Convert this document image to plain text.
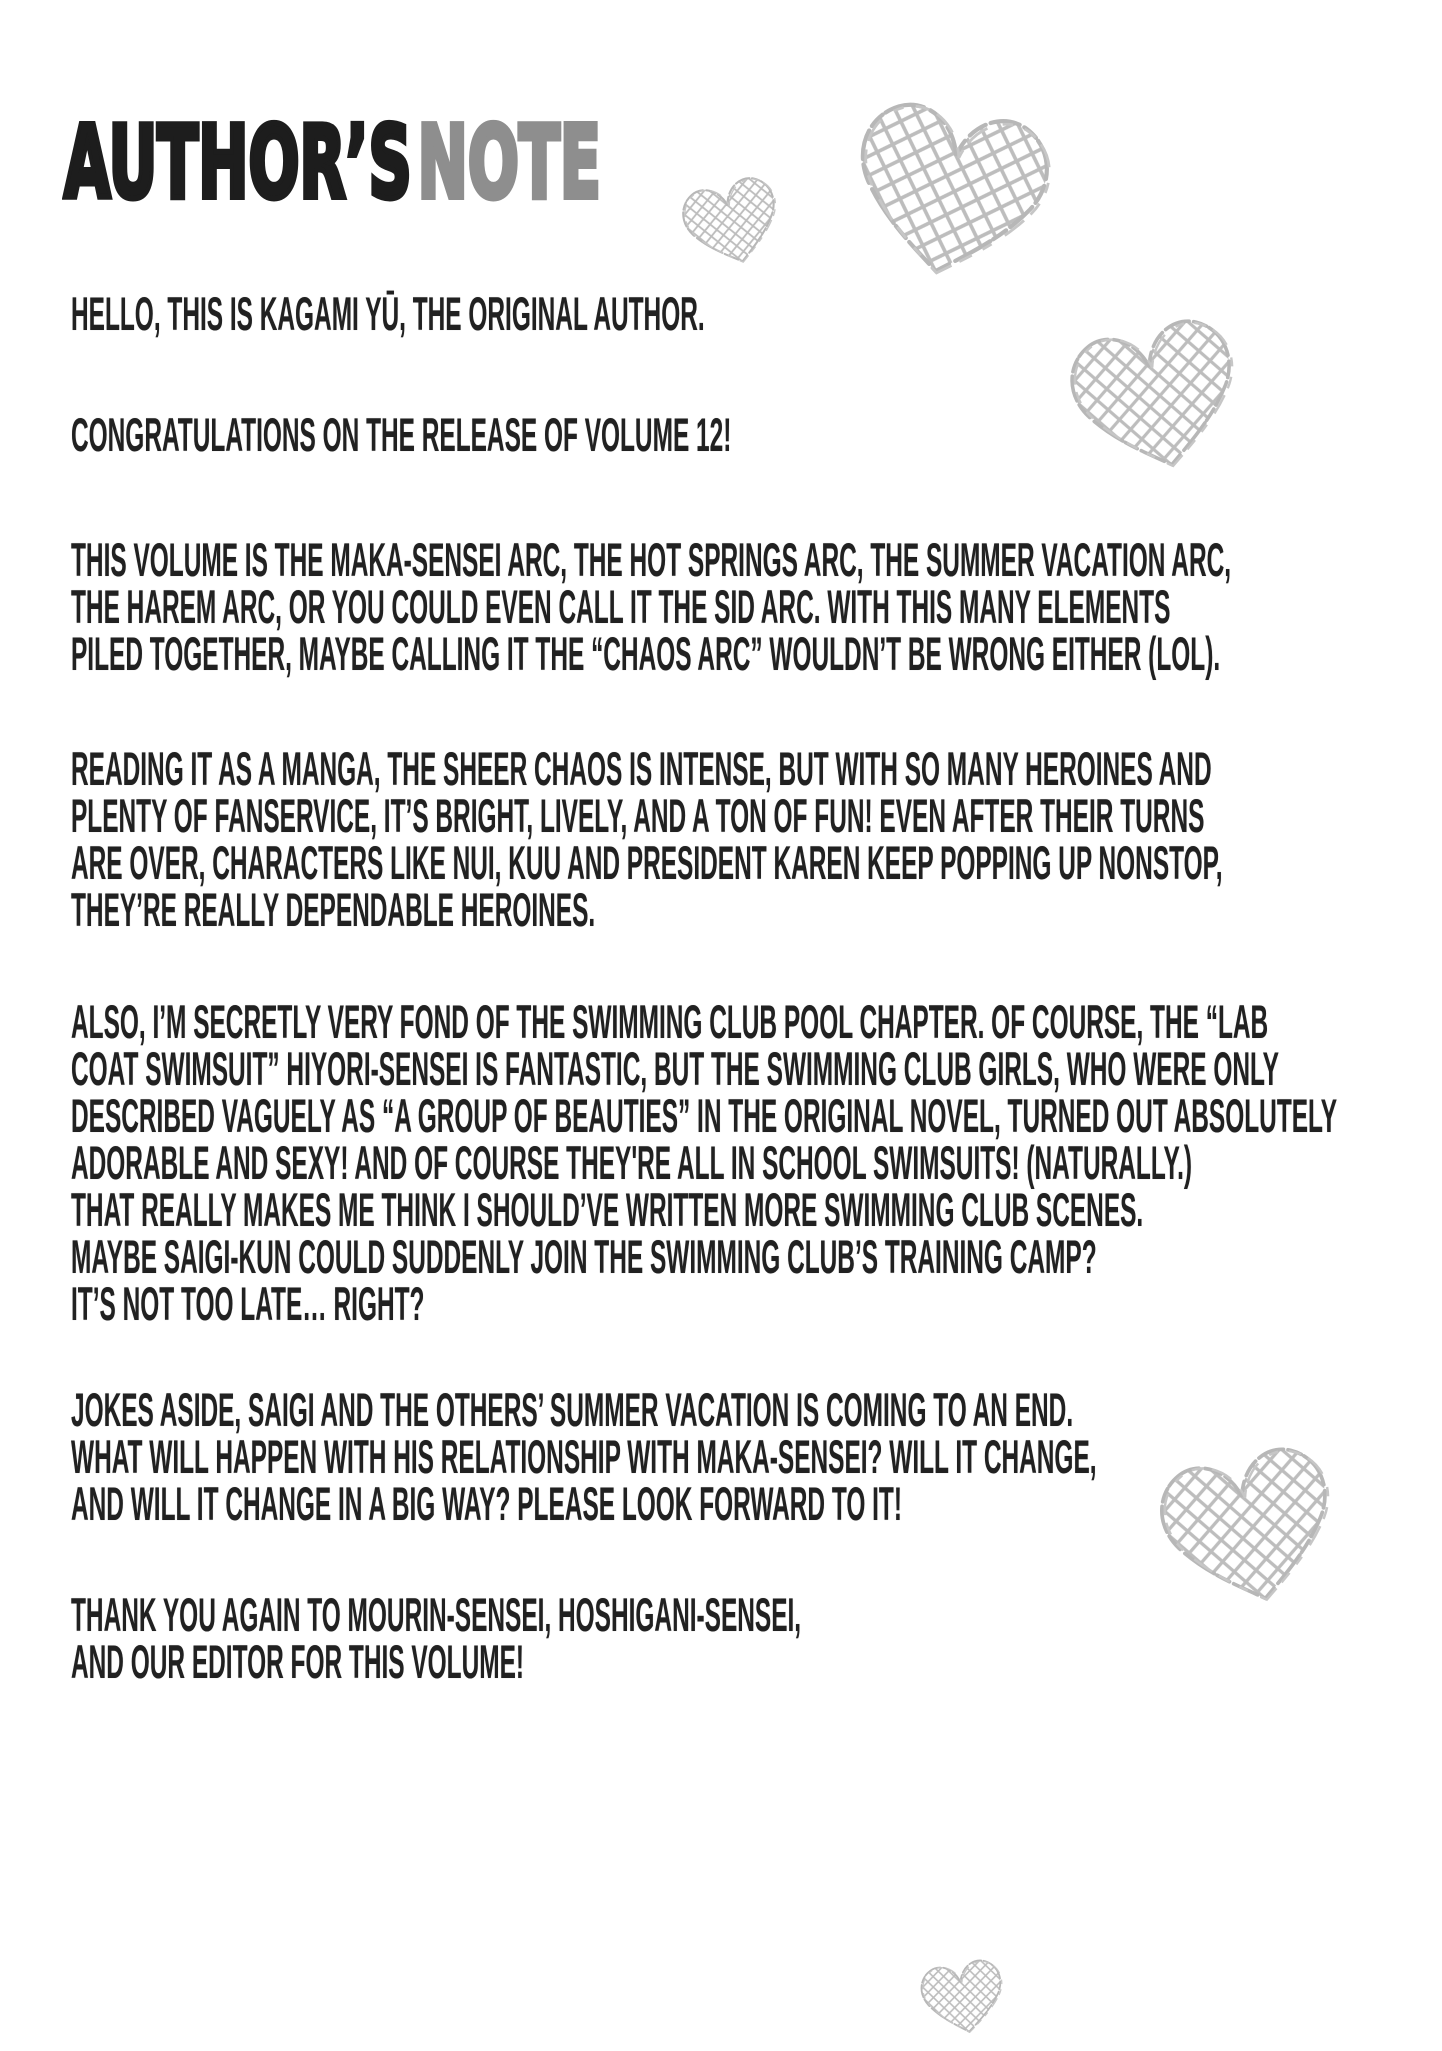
AUTHOR’SNOTE
HELLO, THIS IS KAGAMI YŪ, THE ORIGINAL AUTHOR.
CONGRATULATIONS ON THE RELEASE OF VOLUME 12!
THIS VOLUME IS THE MAKA-SENSEI ARC, THE HOT SPRINGS ARC, THE SUMMER VACATION ARC,
THE HAREM ARC, OR YOU COULD EVEN CALL IT THE SID ARC. WITH THIS MANY ELEMENTS
PILED TOGETHER, MAYBE CALLING IT THE “CHAOS ARC” WOULDN’T BE WRONG EITHER (LOL).
READING IT AS A MANGA, THE SHEER CHAOS IS INTENSE, BUT WITH SO MANY HEROINES AND
PLENTY OF FANSERVICE, IT’S BRIGHT, LIVELY, AND A TON OF FUN! EVEN AFTER THEIR TURNS
ARE OVER, CHARACTERS LIKE NUI, KUU AND PRESIDENT KAREN KEEP POPPING UP NONSTOP,
THEY’RE REALLY DEPENDABLE HEROINES.
ALSO, I’M SECRETLY VERY FOND OF THE SWIMMING CLUB POOL CHAPTER. OF COURSE, THE “LAB
COAT SWIMSUIT” HIYORI-SENSEI IS FANTASTIC, BUT THE SWIMMING CLUB GIRLS, WHO WERE ONLY
DESCRIBED VAGUELY AS “A GROUP OF BEAUTIES” IN THE ORIGINAL NOVEL, TURNED OUT ABSOLUTELY
ADORABLE AND SEXY! AND OF COURSE THEY'RE ALL IN SCHOOL SWIMSUITS! (NATURALLY.)
THAT REALLY MAKES ME THINK I SHOULD’VE WRITTEN MORE SWIMMING CLUB SCENES.
MAYBE SAIGI-KUN COULD SUDDENLY JOIN THE SWIMMING CLUB’S TRAINING CAMP?
IT’S NOT TOO LATE… RIGHT?
JOKES ASIDE, SAIGI AND THE OTHERS’ SUMMER VACATION IS COMING TO AN END.
WHAT WILL HAPPEN WITH HIS RELATIONSHIP WITH MAKA-SENSEI? WILL IT CHANGE,
AND WILL IT CHANGE IN A BIG WAY? PLEASE LOOK FORWARD TO IT!
THANK YOU AGAIN TO MOURIN-SENSEI, HOSHIGANI-SENSEI,
AND OUR EDITOR FOR THIS VOLUME!
